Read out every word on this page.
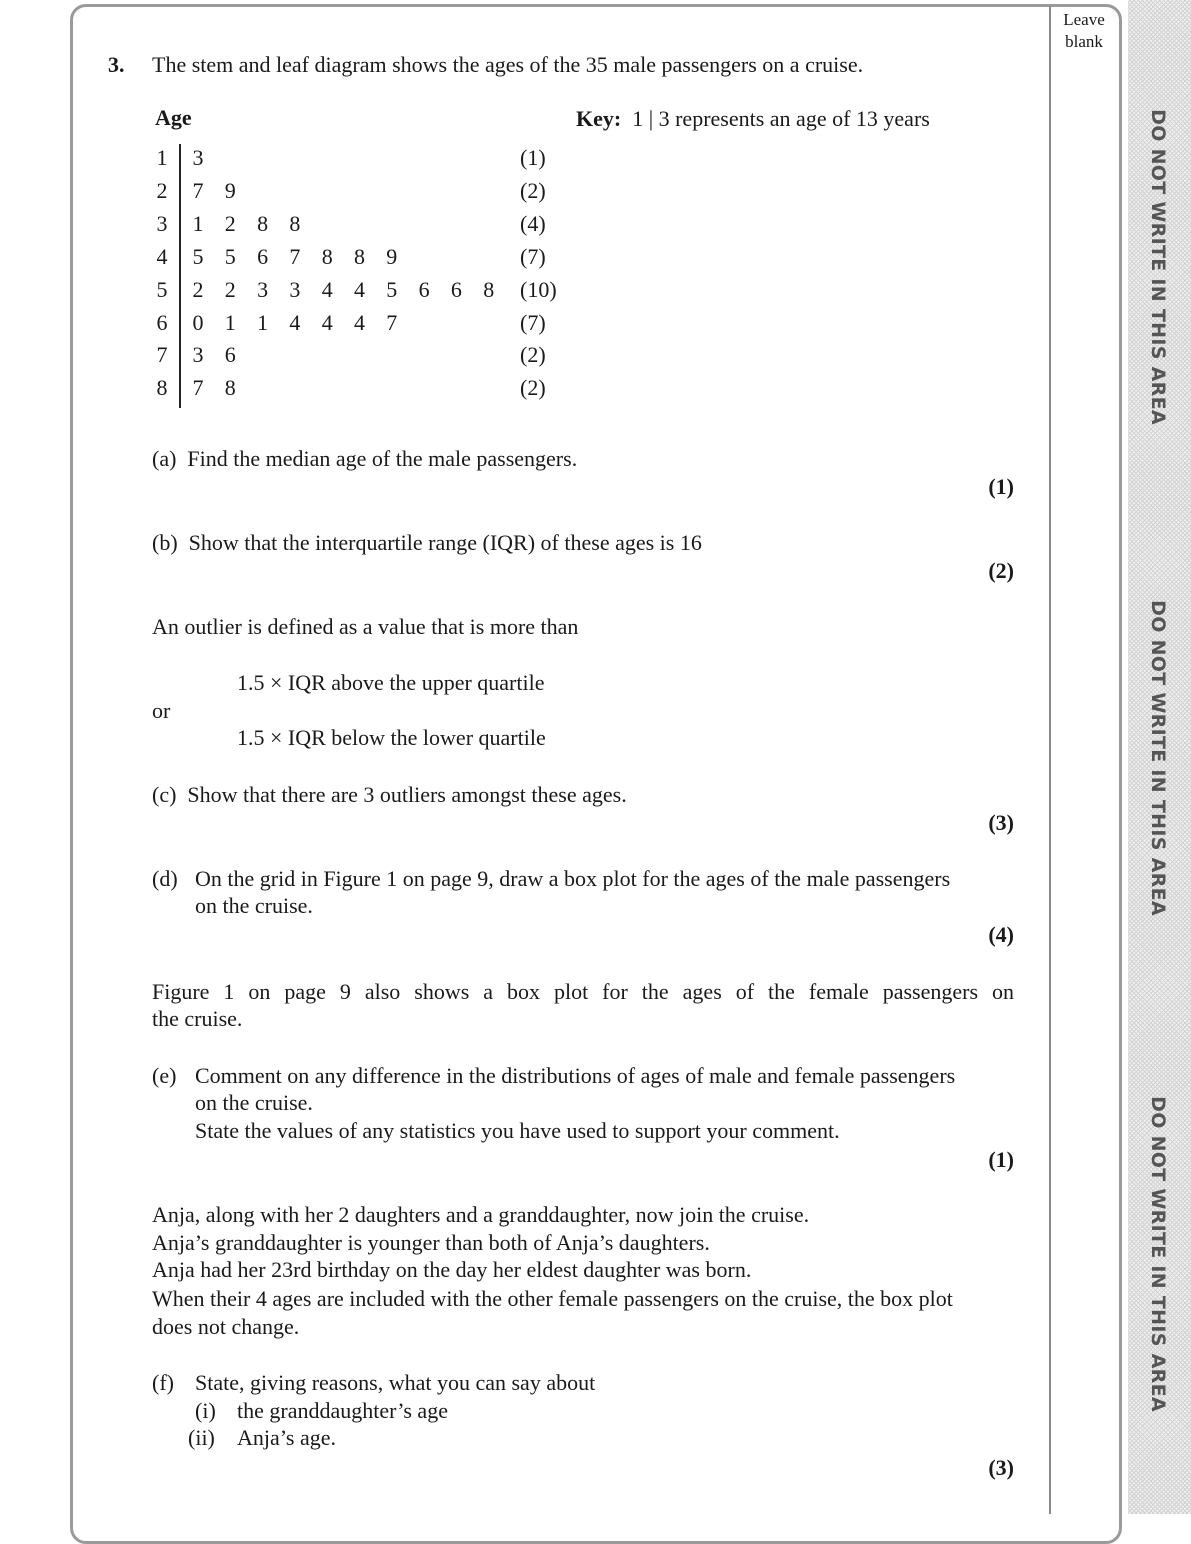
Leave
blank
DO NOT WRITE IN THIS AREA
DO NOT WRITE IN THIS AREA
DO NOT WRITE IN THIS AREA
3. The stem and leaf diagram shows the ages of the 35 male passengers on a cruise.
Age	Key: 1 | 3 represents an age of 13 years
1 3	(1)
2 7 9	(2)
3 1 2 8 8	(4)
4 5 5 6 7 8 8 9	(7)
5 2 2 3 3 4 4 5 6 6 8 (10)
6 0 1 1 4 4 4 7	(7)
7 3 6	(2)
8 7 8	(2)
(a) Find the median age of the male passengers.
(1)
(b) Show that the interquartile range (IQR) of these ages is 16
(2)
An outlier is defined as a value that is more than
1.5 × IQR above the upper quartile
or
1.5 × IQR below the lower quartile
(c) Show that there are 3 outliers amongst these ages.
(3)
(d) On the grid in Figure 1 on page 9, draw a box plot for the ages of the male passengers
on the cruise.
(4)
Figure 1 on page 9 also shows a box plot for the ages of the female passengers on
the cruise.
(e) Comment on any difference in the distributions of ages of male and female passengers
on the cruise.
State the values of any statistics you have used to support your comment.
(1)
Anja, along with her 2 daughters and a granddaughter, now join the cruise.
Anja’s granddaughter is younger than both of Anja’s daughters.
Anja had her 23rd birthday on the day her eldest daughter was born.
When their 4 ages are included with the other female passengers on the cruise, the box plot
does not change.
(f) State, giving reasons, what you can say about
(i) the granddaughter’s age
(ii) Anja’s age.
(3)
